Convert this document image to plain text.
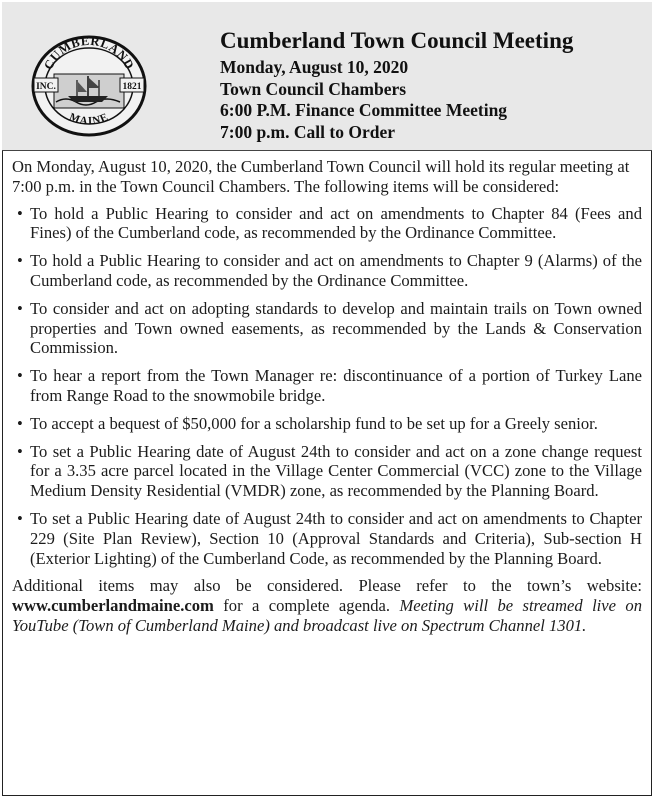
CUMBERLAND
MAINE
INC.	1821
Cumberland Town Council Meeting
Monday, August 10, 2020
Town Council Chambers
6:00 P.M. Finance Committee Meeting
7:00 p.m. Call to Order

On Monday, August 10, 2020, the Cumberland Town Council will hold its regular meeting at 7:00 p.m. in the Town Council Chambers. The following items will be considered:

• To hold a Public Hearing to consider and act on amendments to Chapter 84 (Fees and Fines) of the Cumberland code, as recommended by the Ordinance Committee.
• To hold a Public Hearing to consider and act on amendments to Chapter 9 (Alarms) of the Cumberland code, as recommended by the Ordinance Committee.
• To consider and act on adopting standards to develop and maintain trails on Town owned properties and Town owned easements, as recommended by the Lands & Conservation Commission.
• To hear a report from the Town Manager re: discontinuance of a portion of Turkey Lane from Range Road to the snowmobile bridge.
• To accept a bequest of $50,000 for a scholarship fund to be set up for a Greely senior.
• To set a Public Hearing date of August 24th to consider and act on a zone change request for a 3.35 acre parcel located in the Village Center Commercial (VCC) zone to the Village Medium Density Residential (VMDR) zone, as recommended by the Planning Board.
• To set a Public Hearing date of August 24th to consider and act on amendments to Chapter 229 (Site Plan Review), Section 10 (Approval Standards and Criteria), Sub-section H (Exterior Lighting) of the Cumberland Code, as recommended by the Planning Board.

Additional items may also be considered. Please refer to the town’s website: www.cumberlandmaine.com for a complete agenda. Meeting will be streamed live on YouTube (Town of Cumberland Maine) and broadcast live on Spectrum Channel 1301.
